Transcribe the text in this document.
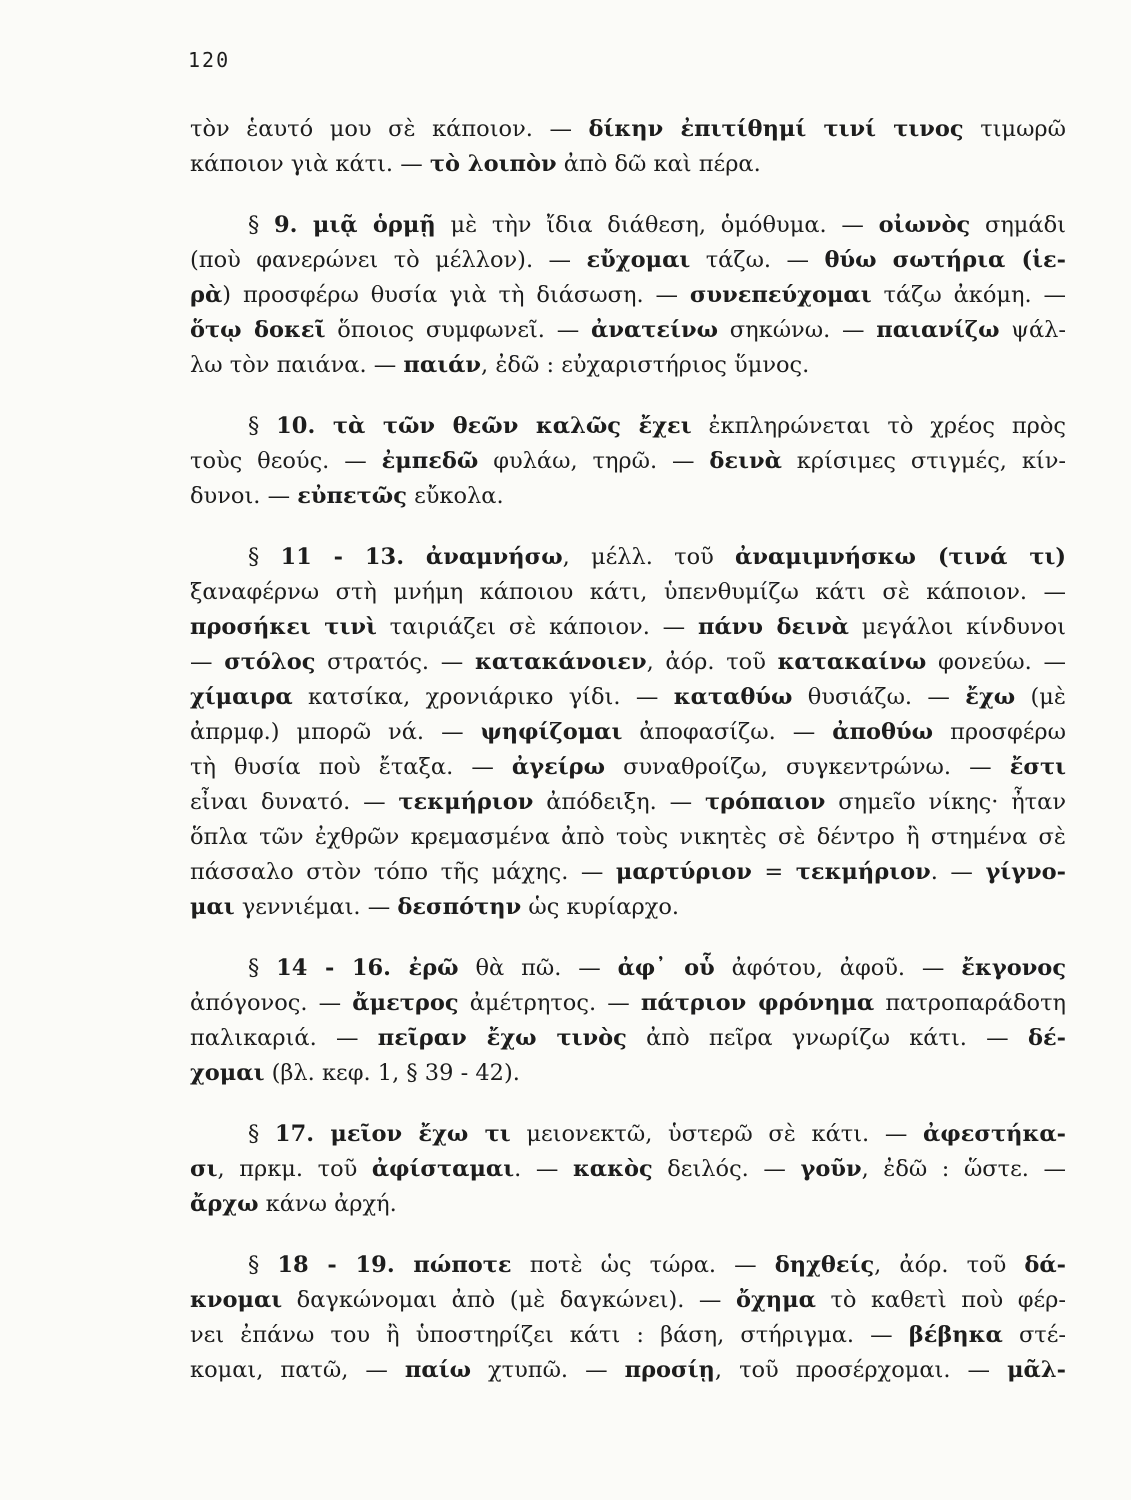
120
τὸν ἑαυτό μου σὲ κάποιον. — δίκην ἐπιτίθημί τινί τινος τιμωρῶ
κάποιον γιὰ κάτι. — τὸ λοιπὸν ἀπὸ δῶ καὶ πέρα.
§ 9. μιᾷ ὁρμῇ μὲ τὴν ἴδια διάθεση, ὁμόθυμα. — οἰωνὸς σημάδι
(ποὺ φανερώνει τὸ μέλλον). — εὔχομαι τάζω. — θύω σωτήρια (ἱε-
ρὰ) προσφέρω θυσία γιὰ τὴ διάσωση. — συνεπεύχομαι τάζω ἀκόμη. —
ὅτῳ δοκεῖ ὅποιος συμφωνεῖ. — ἀνατείνω σηκώνω. — παιανίζω ψάλ-
λω τὸν παιάνα. — παιάν, ἐδῶ : εὐχαριστήριος ὕμνος.
§ 10. τὰ τῶν θεῶν καλῶς ἔχει ἐκπληρώνεται τὸ χρέος πρὸς
τοὺς θεούς. — ἐμπεδῶ φυλάω, τηρῶ. — δεινὰ κρίσιμες στιγμές, κίν-
δυνοι. — εὐπετῶς εὔκολα.
§ 11 - 13. ἀναμνήσω, μέλλ. τοῦ ἀναμιμνήσκω (τινά τι)
ξαναφέρνω στὴ μνήμη κάποιου κάτι, ὑπενθυμίζω κάτι σὲ κάποιον. —
προσήκει τινὶ ταιριάζει σὲ κάποιον. — πάνυ δεινὰ μεγάλοι κίνδυνοι
— στόλος στρατός. — κατακάνοιεν, ἀόρ. τοῦ κατακαίνω φονεύω. —
χίμαιρα κατσίκα, χρονιάρικο γίδι. — καταθύω θυσιάζω. — ἔχω (μὲ
ἀπρμφ.) μπορῶ νά. — ψηφίζομαι ἀποφασίζω. — ἀποθύω προσφέρω
τὴ θυσία ποὺ ἔταξα. — ἀγείρω συναθροίζω, συγκεντρώνω. — ἔστι
εἶναι δυνατό. — τεκμήριον ἀπόδειξη. — τρόπαιον σημεῖο νίκης· ἦταν
ὅπλα τῶν ἐχθρῶν κρεμασμένα ἀπὸ τοὺς νικητὲς σὲ δέντρο ἢ στημένα σὲ
πάσσαλο στὸν τόπο τῆς μάχης. — μαρτύριον = τεκμήριον. — γίγνο-
μαι γεννιέμαι. — δεσπότην ὡς κυρίαρχο.
§ 14 - 16. ἐρῶ θὰ πῶ. — ἀφ᾽ οὗ ἀφότου, ἀφοῦ. — ἔκγονος
ἀπόγονος. — ἄμετρος ἀμέτρητος. — πάτριον φρόνημα πατροπαράδοτη
παλικαριά. — πεῖραν ἔχω τινὸς ἀπὸ πεῖρα γνωρίζω κάτι. — δέ-
χομαι (βλ. κεφ. 1, § 39 - 42).
§ 17. μεῖον ἔχω τι μειονεκτῶ, ὑστερῶ σὲ κάτι. — ἀφεστήκα-
σι, πρκμ. τοῦ ἀφίσταμαι. — κακὸς δειλός. — γοῦν, ἐδῶ : ὥστε. —
ἄρχω κάνω ἀρχή.
§ 18 - 19. πώποτε ποτὲ ὡς τώρα. — δηχθείς, ἀόρ. τοῦ δά-
κνομαι δαγκώνομαι ἀπὸ (μὲ δαγκώνει). — ὄχημα τὸ καθετὶ ποὺ φέρ-
νει ἐπάνω του ἢ ὑποστηρίζει κάτι : βάση, στήριγμα. — βέβηκα στέ-
κομαι, πατῶ, — παίω χτυπῶ. — προσίῃ, τοῦ προσέρχομαι. — μᾶλ-
